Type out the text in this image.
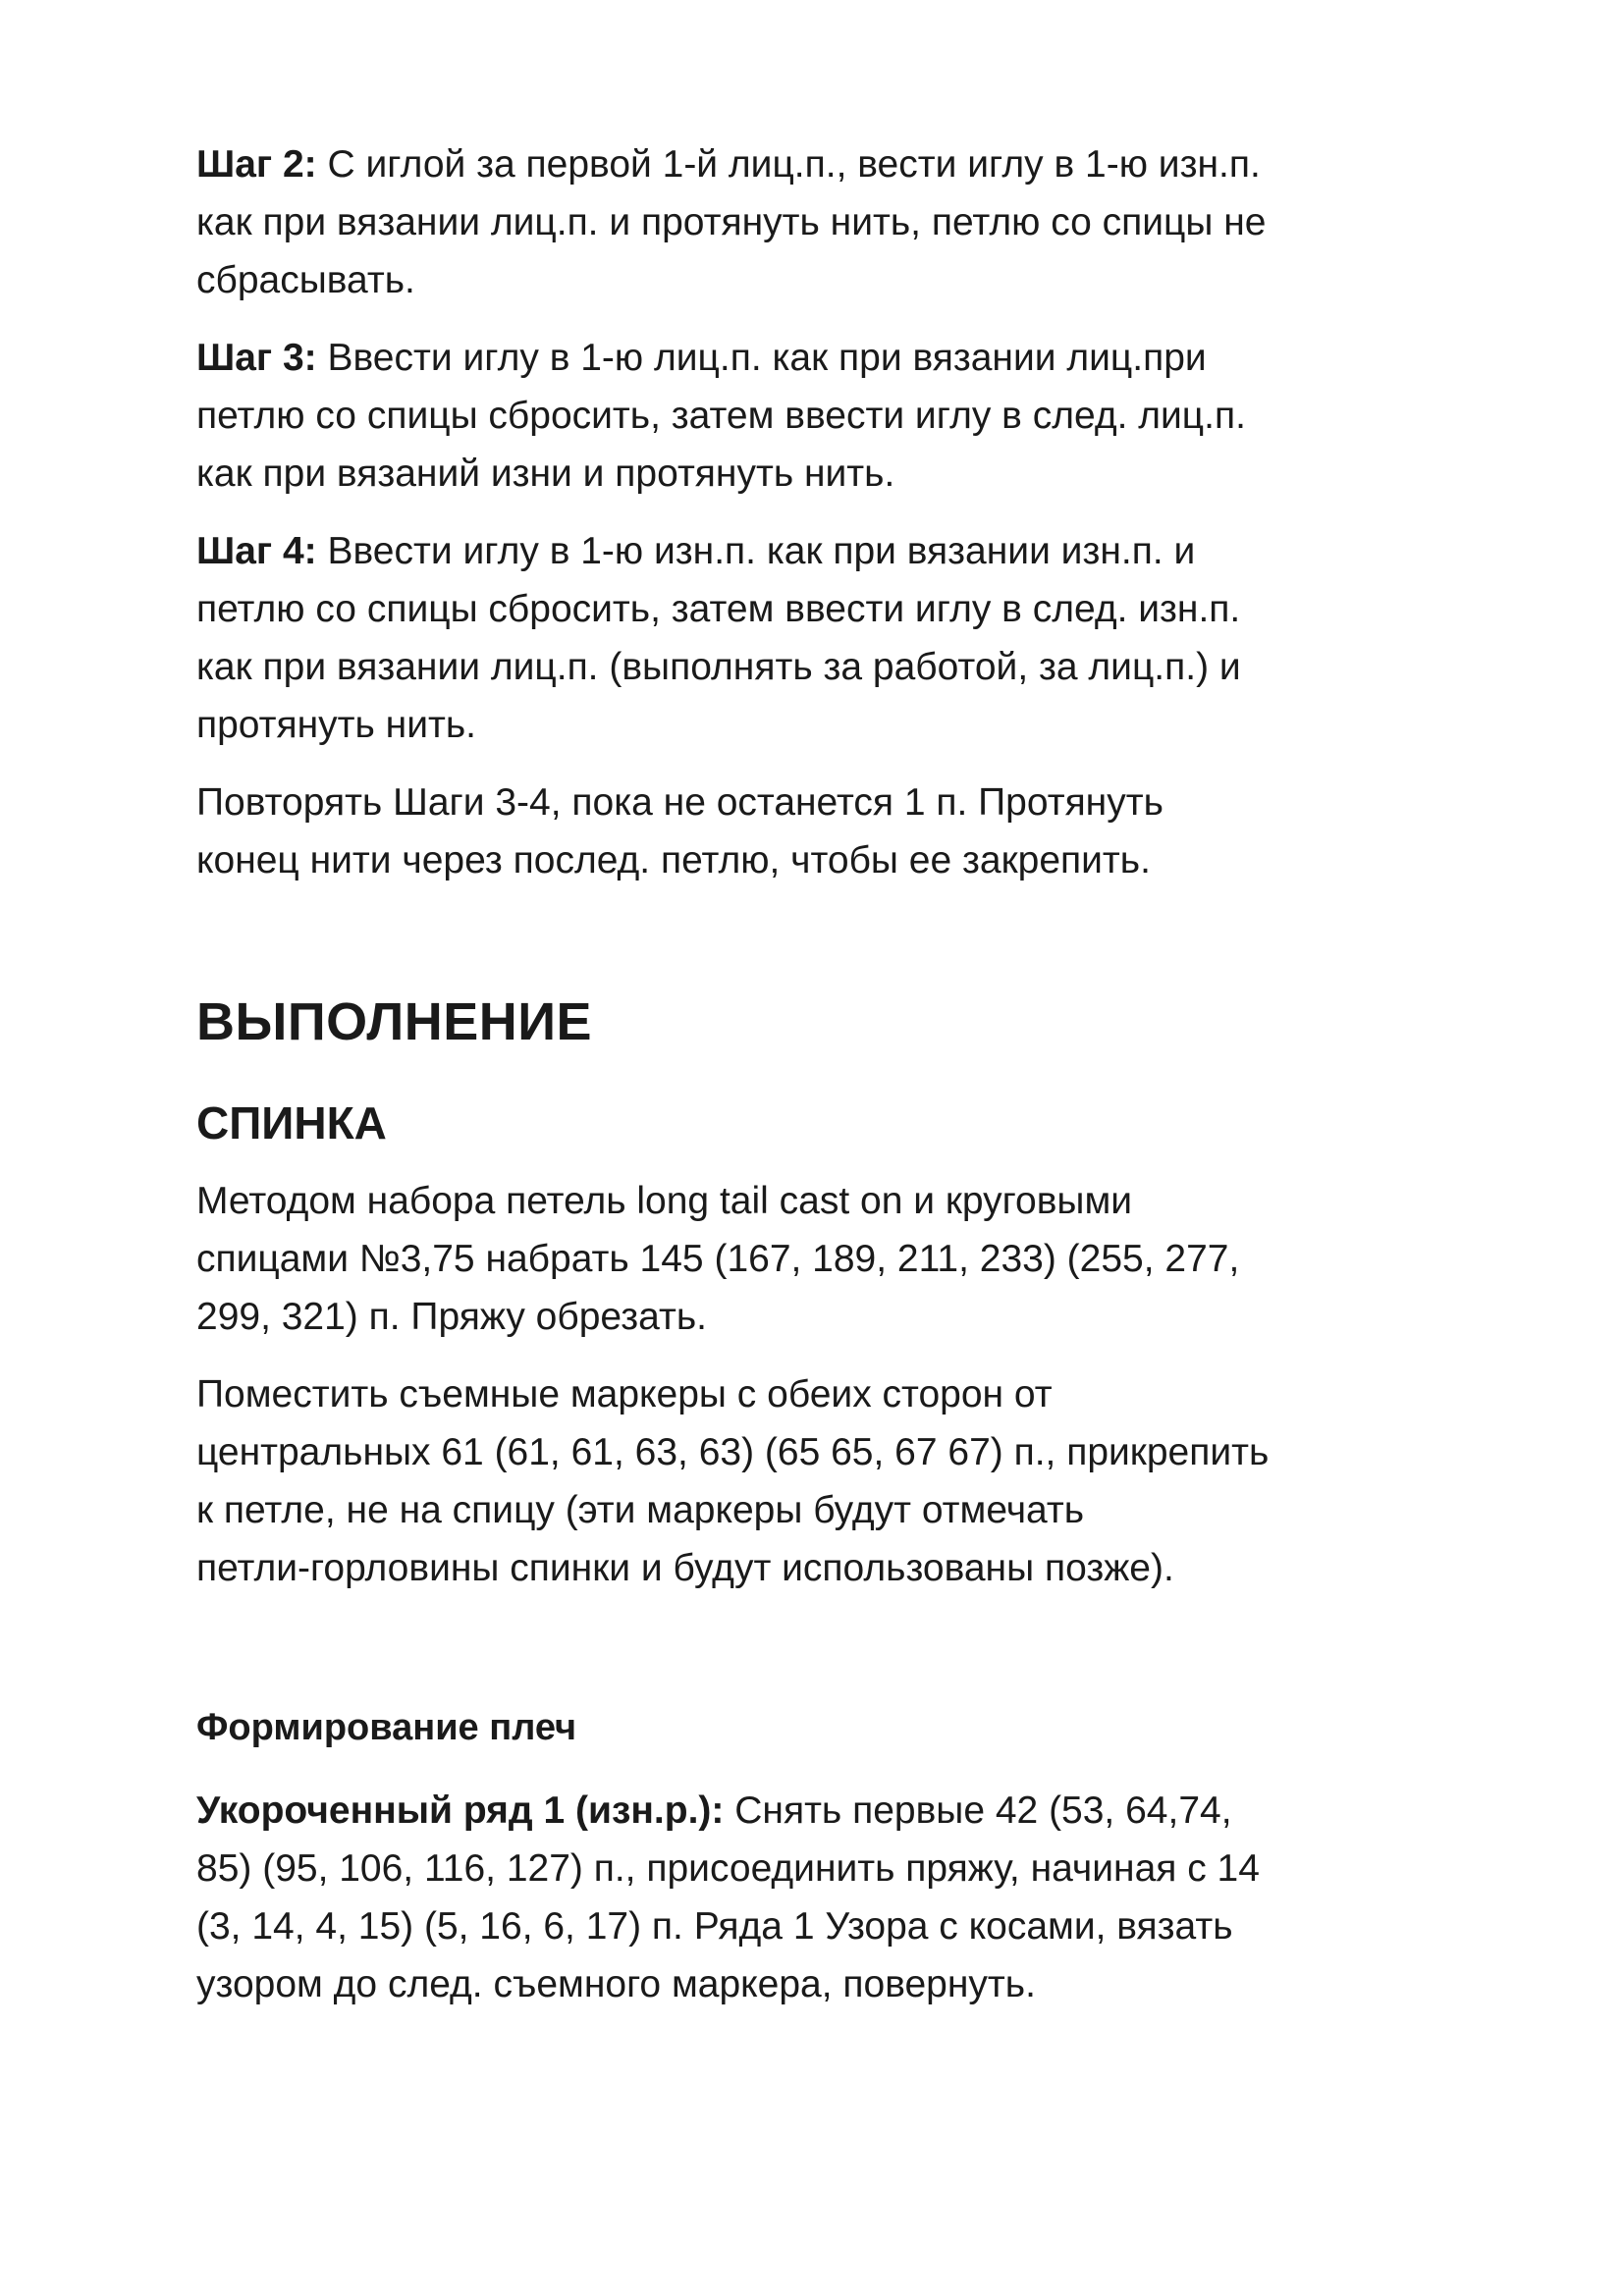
Шаг 2: С иглой за первой 1-й лиц.п., вести иглу в 1-ю изн.п.
как при вязании лиц.п. и протянуть нить, петлю со спицы не
сбрасывать.

Шаг 3: Ввести иглу в 1-ю лиц.п. как при вязании лиц.при
петлю со спицы сбросить, затем ввести иглу в след. лиц.п.
как при вязаний изни и протянуть нить.

Шаг 4: Ввести иглу в 1-ю изн.п. как при вязании изн.п. и
петлю со спицы сбросить, затем ввести иглу в след. изн.п.
как при вязании лиц.п. (выполнять за работой, за лиц.п.) и
протянуть нить.

Повторять Шаги 3-4, пока не останется 1 п. Протянуть
конец нити через послед. петлю, чтобы ее закрепить.

ВЫПОЛНЕНИЕ
СПИНКА

Методом набора петель long tail cast on и круговыми
спицами №3,75 набрать 145 (167, 189, 211, 233) (255, 277,
299, 321) п. Пряжу обрезать.

Поместить съемные маркеры с обеих сторон от
центральных 61 (61, 61, 63, 63) (65 65, 67 67) п., прикрепить
к петле, не на спицу (эти маркеры будут отмечать
петли-горловины спинки и будут использованы позже).

Формирование плеч

Укороченный ряд 1 (изн.р.): Снять первые 42 (53, 64,74,
85) (95, 106, 116, 127) п., присоединить пряжу, начиная с 14
(3, 14, 4, 15) (5, 16, 6, 17) п. Ряда 1 Узора с косами, вязать
узором до след. съемного маркера, повернуть.
